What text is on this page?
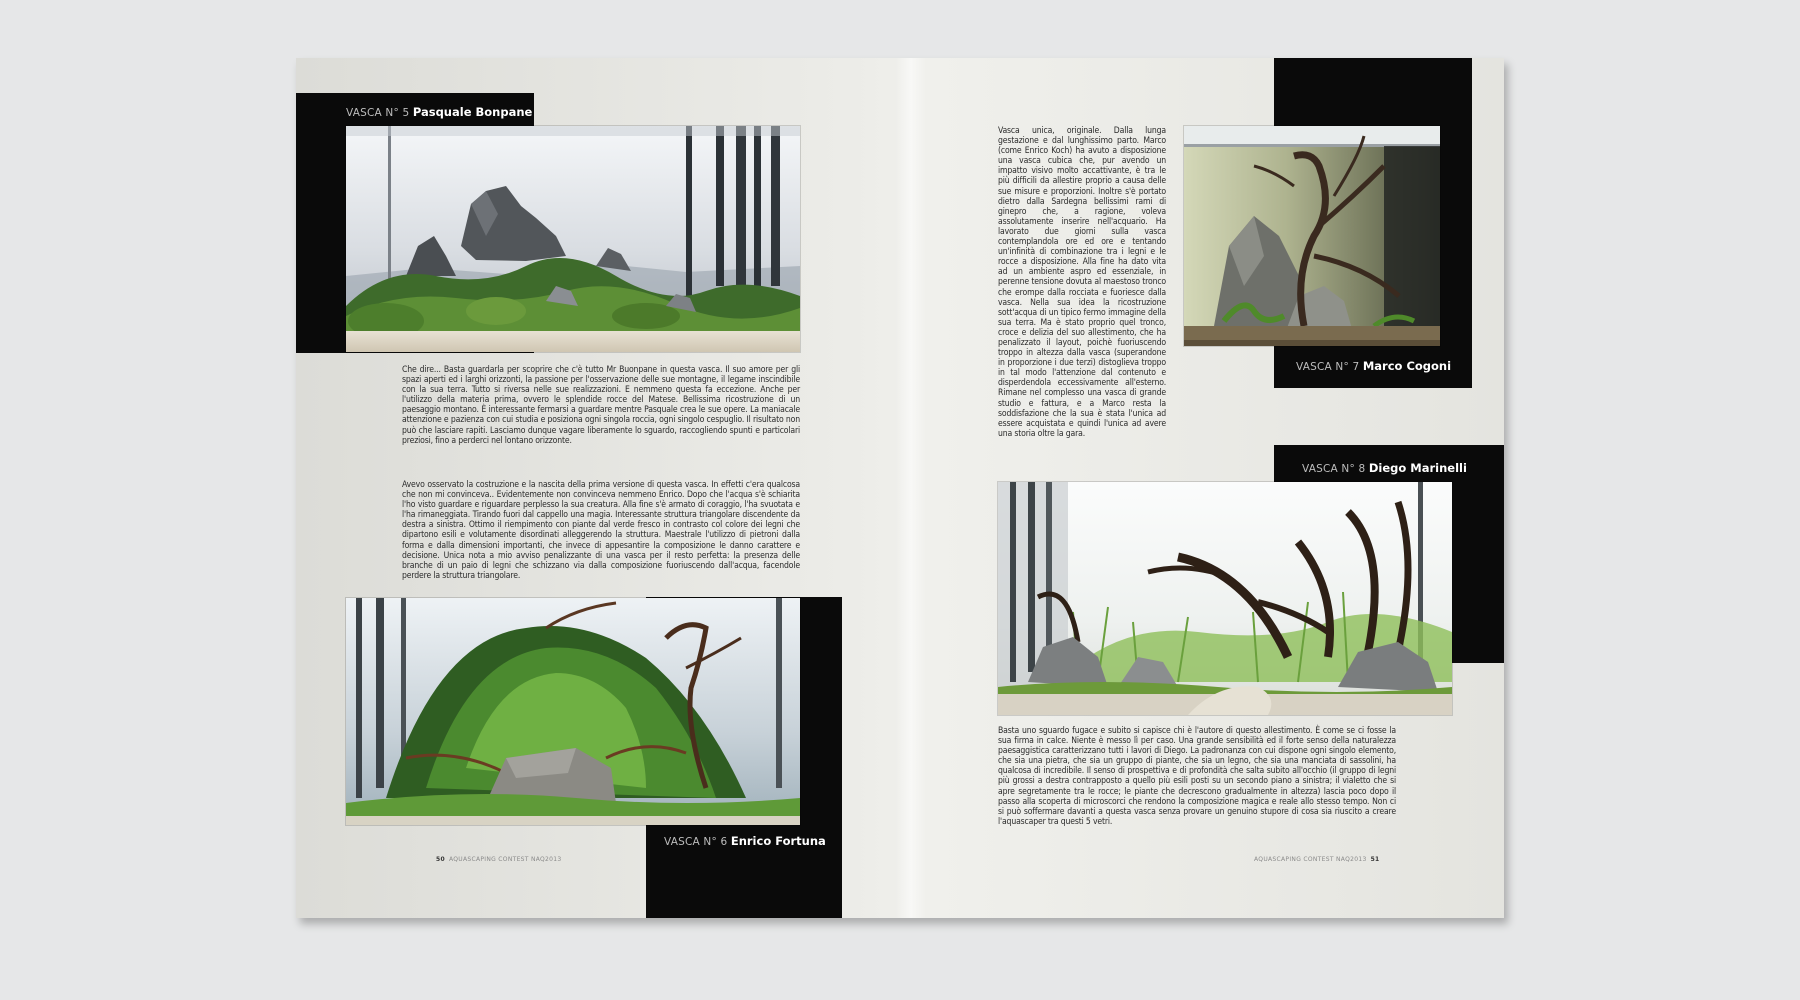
VASCA N° 5 Pasquale Bonpane

Che dire... Basta guardarla per scoprire che c'è tutto Mr Buonpane in questa vasca. Il suo amore per gli spazi aperti ed i larghi orizzonti, la passione per l'osservazione delle sue montagne, il legame inscindibile con la sua terra. Tutto si riversa nelle sue realizzazioni. E nemmeno questa fa eccezione. Anche per l'utilizzo della materia prima, ovvero le splendide rocce del Matese. Bellissima ricostruzione di un paesaggio montano. È interessante fermarsi a guardare mentre Pasquale crea le sue opere. La maniacale attenzione e pazienza con cui studia e posiziona ogni singola roccia, ogni singolo cespuglio. Il risultato non può che lasciare rapiti. Lasciamo dunque vagare liberamente lo sguardo, raccogliendo spunti e particolari preziosi, fino a perderci nel lontano orizzonte.

Avevo osservato la costruzione e la nascita della prima versione di questa vasca. In effetti c'era qualcosa che non mi convinceva.. Evidentemente non convinceva nemmeno Enrico. Dopo che l'acqua s'è schiarita l'ho visto guardare e riguardare perplesso la sua creatura. Alla fine s'è armato di coraggio, l'ha svuotata e l'ha rimaneggiata. Tirando fuori dal cappello una magia. Interessante struttura triangolare discendente da destra a sinistra. Ottimo il riempimento con piante dal verde fresco in contrasto col colore dei legni che dipartono esili e volutamente disordinati alleggerendo la struttura. Maestrale l'utilizzo di pietroni dalla forma e dalla dimensioni importanti, che invece di appesantire la composizione le danno carattere e decisione. Unica nota a mio avviso penalizzante di una vasca per il resto perfetta: la presenza delle branche di un paio di legni che schizzano via dalla composizione fuoriuscendo dall'acqua, facendole perdere la struttura triangolare.

VASCA N° 6 Enrico Fortuna
50 AQUASCAPING CONTEST NAQ2013

Vasca unica, originale. Dalla lunga gestazione e dal lunghissimo parto. Marco (come Enrico Koch) ha avuto a disposizione una vasca cubica che, pur avendo un impatto visivo molto accattivante, è tra le più difficili da allestire proprio a causa delle sue misure e proporzioni. Inoltre s'è portato dietro dalla Sardegna bellissimi rami di ginepro che, a ragione, voleva assolutamente inserire nell'acquario. Ha lavorato due giorni sulla vasca contemplandola ore ed ore e tentando un'infinità di combinazione tra i legni e le rocce a disposizione. Alla fine ha dato vita ad un ambiente aspro ed essenziale, in perenne tensione dovuta al maestoso tronco che erompe dalla rocciata e fuoriesce dalla vasca. Nella sua idea la ricostruzione sott'acqua di un tipico fermo immagine della sua terra. Ma è stato proprio quel tronco, croce e delizia del suo allestimento, che ha penalizzato il layout, poichè fuoriuscendo troppo in altezza dalla vasca (superandone in proporzione i due terzi) distoglieva troppo in tal modo l'attenzione dal contenuto e disperdendola eccessivamente all'esterno. Rimane nel complesso una vasca di grande studio e fattura, e a Marco resta la soddisfazione che la sua è stata l'unica ad essere acquistata e quindi l'unica ad avere una storia oltre la gara.

VASCA N° 7 Marco Cogoni
VASCA N° 8 Diego Marinelli

Basta uno sguardo fugace e subito si capisce chi è l'autore di questo allestimento. È come se ci fosse la sua firma in calce. Niente è messo lì per caso. Una grande sensibilità ed il forte senso della naturalezza paesaggistica caratterizzano tutti i lavori di Diego. La padronanza con cui dispone ogni singolo elemento, che sia una pietra, che sia un gruppo di piante, che sia un legno, che sia una manciata di sassolini, ha qualcosa di incredibile. Il senso di prospettiva e di profondità che salta subito all'occhio (il gruppo di legni più grossi a destra contrapposto a quello più esili posti su un secondo piano a sinistra; il vialetto che si apre segretamente tra le rocce; le piante che decrescono gradualmente in altezza) lascia poco dopo il passo alla scoperta di microscorci che rendono la composizione magica e reale allo stesso tempo. Non ci si può soffermare davanti a questa vasca senza provare un genuino stupore di cosa sia riuscito a creare l'aquascaper tra questi 5 vetri.

AQUASCAPING CONTEST NAQ2013 51
